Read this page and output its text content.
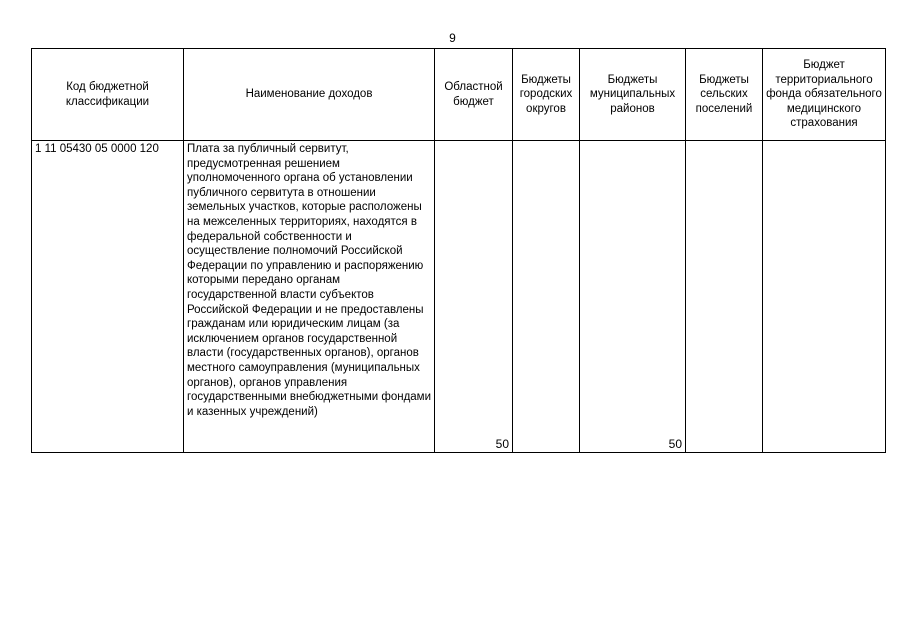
9
Код бюджетной классификации	Наименование доходов	Областной бюджет	Бюджеты городских округов	Бюджеты муниципальных районов	Бюджеты сельских поселений	Бюджет территориального фонда обязательного медицинского страхования
1 11 05430 05 0000 120	Плата за публичный сервитут, предусмотренная решением уполномоченного органа об установлении публичного сервитута в отношении земельных участков, которые расположены на межселенных территориях, находятся в федеральной собственности и осуществление полномочий Российской Федерации по управлению и распоряжению которыми передано органам государственной власти субъектов Российской Федерации и не предоставлены гражданам или юридическим лицам (за исключением органов государственной власти (государственных органов), органов местного самоуправления (муниципальных органов), органов управления государственными внебюджетными фондами и казенных учреждений)	50		50		
